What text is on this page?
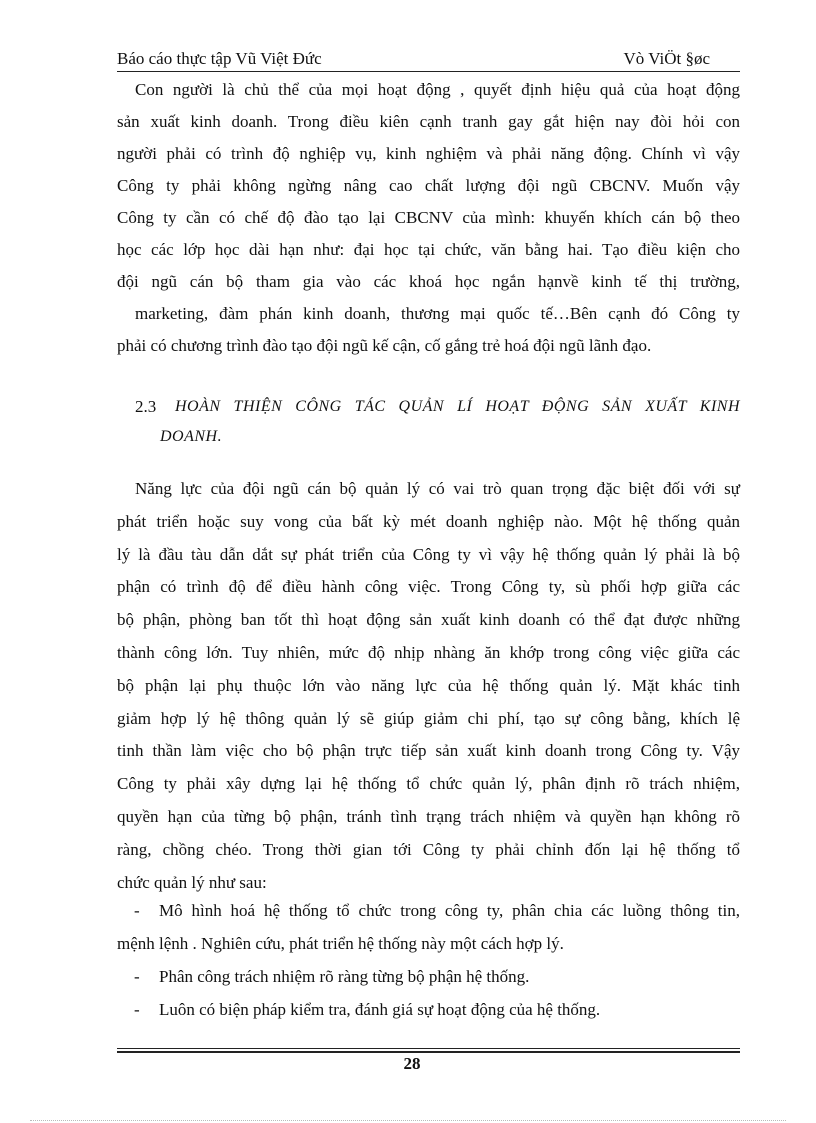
Báo cáo thực tập Vũ Việt Đức	Vò ViÖt §øc
Con người là chủ thể của mọi hoạt động , quyết định hiệu quả của hoạt động
sản xuất kinh doanh. Trong điều kiên cạnh tranh gay gắt hiện nay đòi hỏi con
người phải có trình độ nghiệp vụ, kinh nghiệm và phải năng động. Chính vì vậy
Công ty phải không ngừng nâng cao chất lượng đội ngũ CBCNV. Muốn vậy
Công ty cần có chế độ đào tạo lại CBCNV của mình: khuyến khích cán bộ theo
học các lớp học dài hạn như: đại học tại chức, văn bằng hai. Tạo điều kiện cho
đội ngũ cán bộ tham gia vào các khoá học ngắn hạnvề kinh tế thị trường,
marketing, đàm phán kinh doanh, thương mại quốc tế…Bên cạnh đó Công ty
phải có chương trình đào tạo đội ngũ kế cận, cố gắng trẻ hoá đội ngũ lãnh đạo.
2.3	HOÀN THIỆN CÔNG TÁC QUẢN LÍ HOẠT ĐỘNG SẢN XUẤT KINH
DOANH.
Năng lực của đội ngũ cán bộ quản lý có vai trò quan trọng đặc biệt đối với sự
phát triển hoặc suy vong của bất kỳ mét doanh nghiệp nào. Một hệ thống quản
lý là đầu tàu dẫn dắt sự phát triển của Công ty vì vậy hệ thống quản lý phải là bộ
phận có trình độ để điều hành công việc. Trong Công ty, sù phối hợp giữa các
bộ phận, phòng ban tốt thì hoạt động sản xuất kinh doanh có thể đạt được những
thành công lớn. Tuy nhiên, mức độ nhịp nhàng ăn khớp trong công việc giữa các
bộ phận lại phụ thuộc lớn vào năng lực của hệ thống quản lý. Mặt khác tinh
giảm hợp lý hệ thông quản lý sẽ giúp giảm chi phí, tạo sự công bằng, khích lệ
tinh thần làm việc cho bộ phận trực tiếp sản xuất kinh doanh trong Công ty. Vậy
Công ty phải xây dựng lại hệ thống tổ chức quản lý, phân định rõ trách nhiệm,
quyền hạn của từng bộ phận, tránh tình trạng trách nhiệm và quyền hạn không rõ
ràng, chồng chéo. Trong thời gian tới Công ty phải chỉnh đốn lại hệ thống tổ
chức quản lý như sau:
-	Mô hình hoá hệ thống tổ chức trong công ty, phân chia các luồng thông tin,
mệnh lệnh . Nghiên cứu, phát triển hệ thống này một cách hợp lý.
- Phân công trách nhiệm rõ ràng từng bộ phận hệ thống.
- Luôn có biện pháp kiểm tra, đánh giá sự hoạt động của hệ thống.
28
